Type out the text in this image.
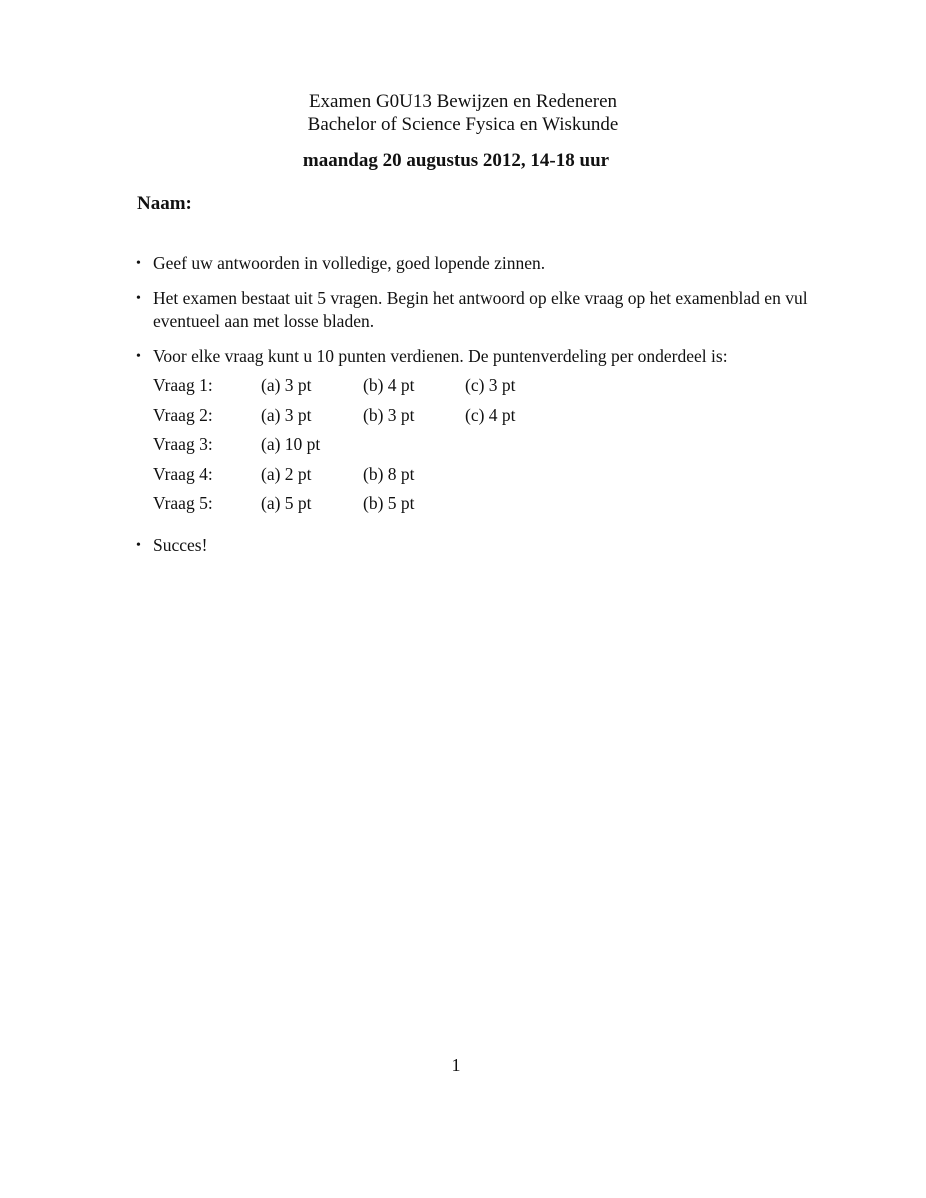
Examen G0U13 Bewijzen en Redeneren
Bachelor of Science Fysica en Wiskunde
maandag 20 augustus 2012, 14-18 uur
Naam:
• Geef uw antwoorden in volledige, goed lopende zinnen.
• Het examen bestaat uit 5 vragen. Begin het antwoord op elke vraag op het examenblad en vul eventueel aan met losse bladen.
• Voor elke vraag kunt u 10 punten verdienen. De puntenverdeling per onderdeel is:
Vraag 1:	(a) 3 pt	(b) 4 pt	(c) 3 pt
Vraag 2:	(a) 3 pt	(b) 3 pt	(c) 4 pt
Vraag 3:	(a) 10 pt		
Vraag 4:	(a) 2 pt	(b) 8 pt	
Vraag 5:	(a) 5 pt	(b) 5 pt	
• Succes!
1
